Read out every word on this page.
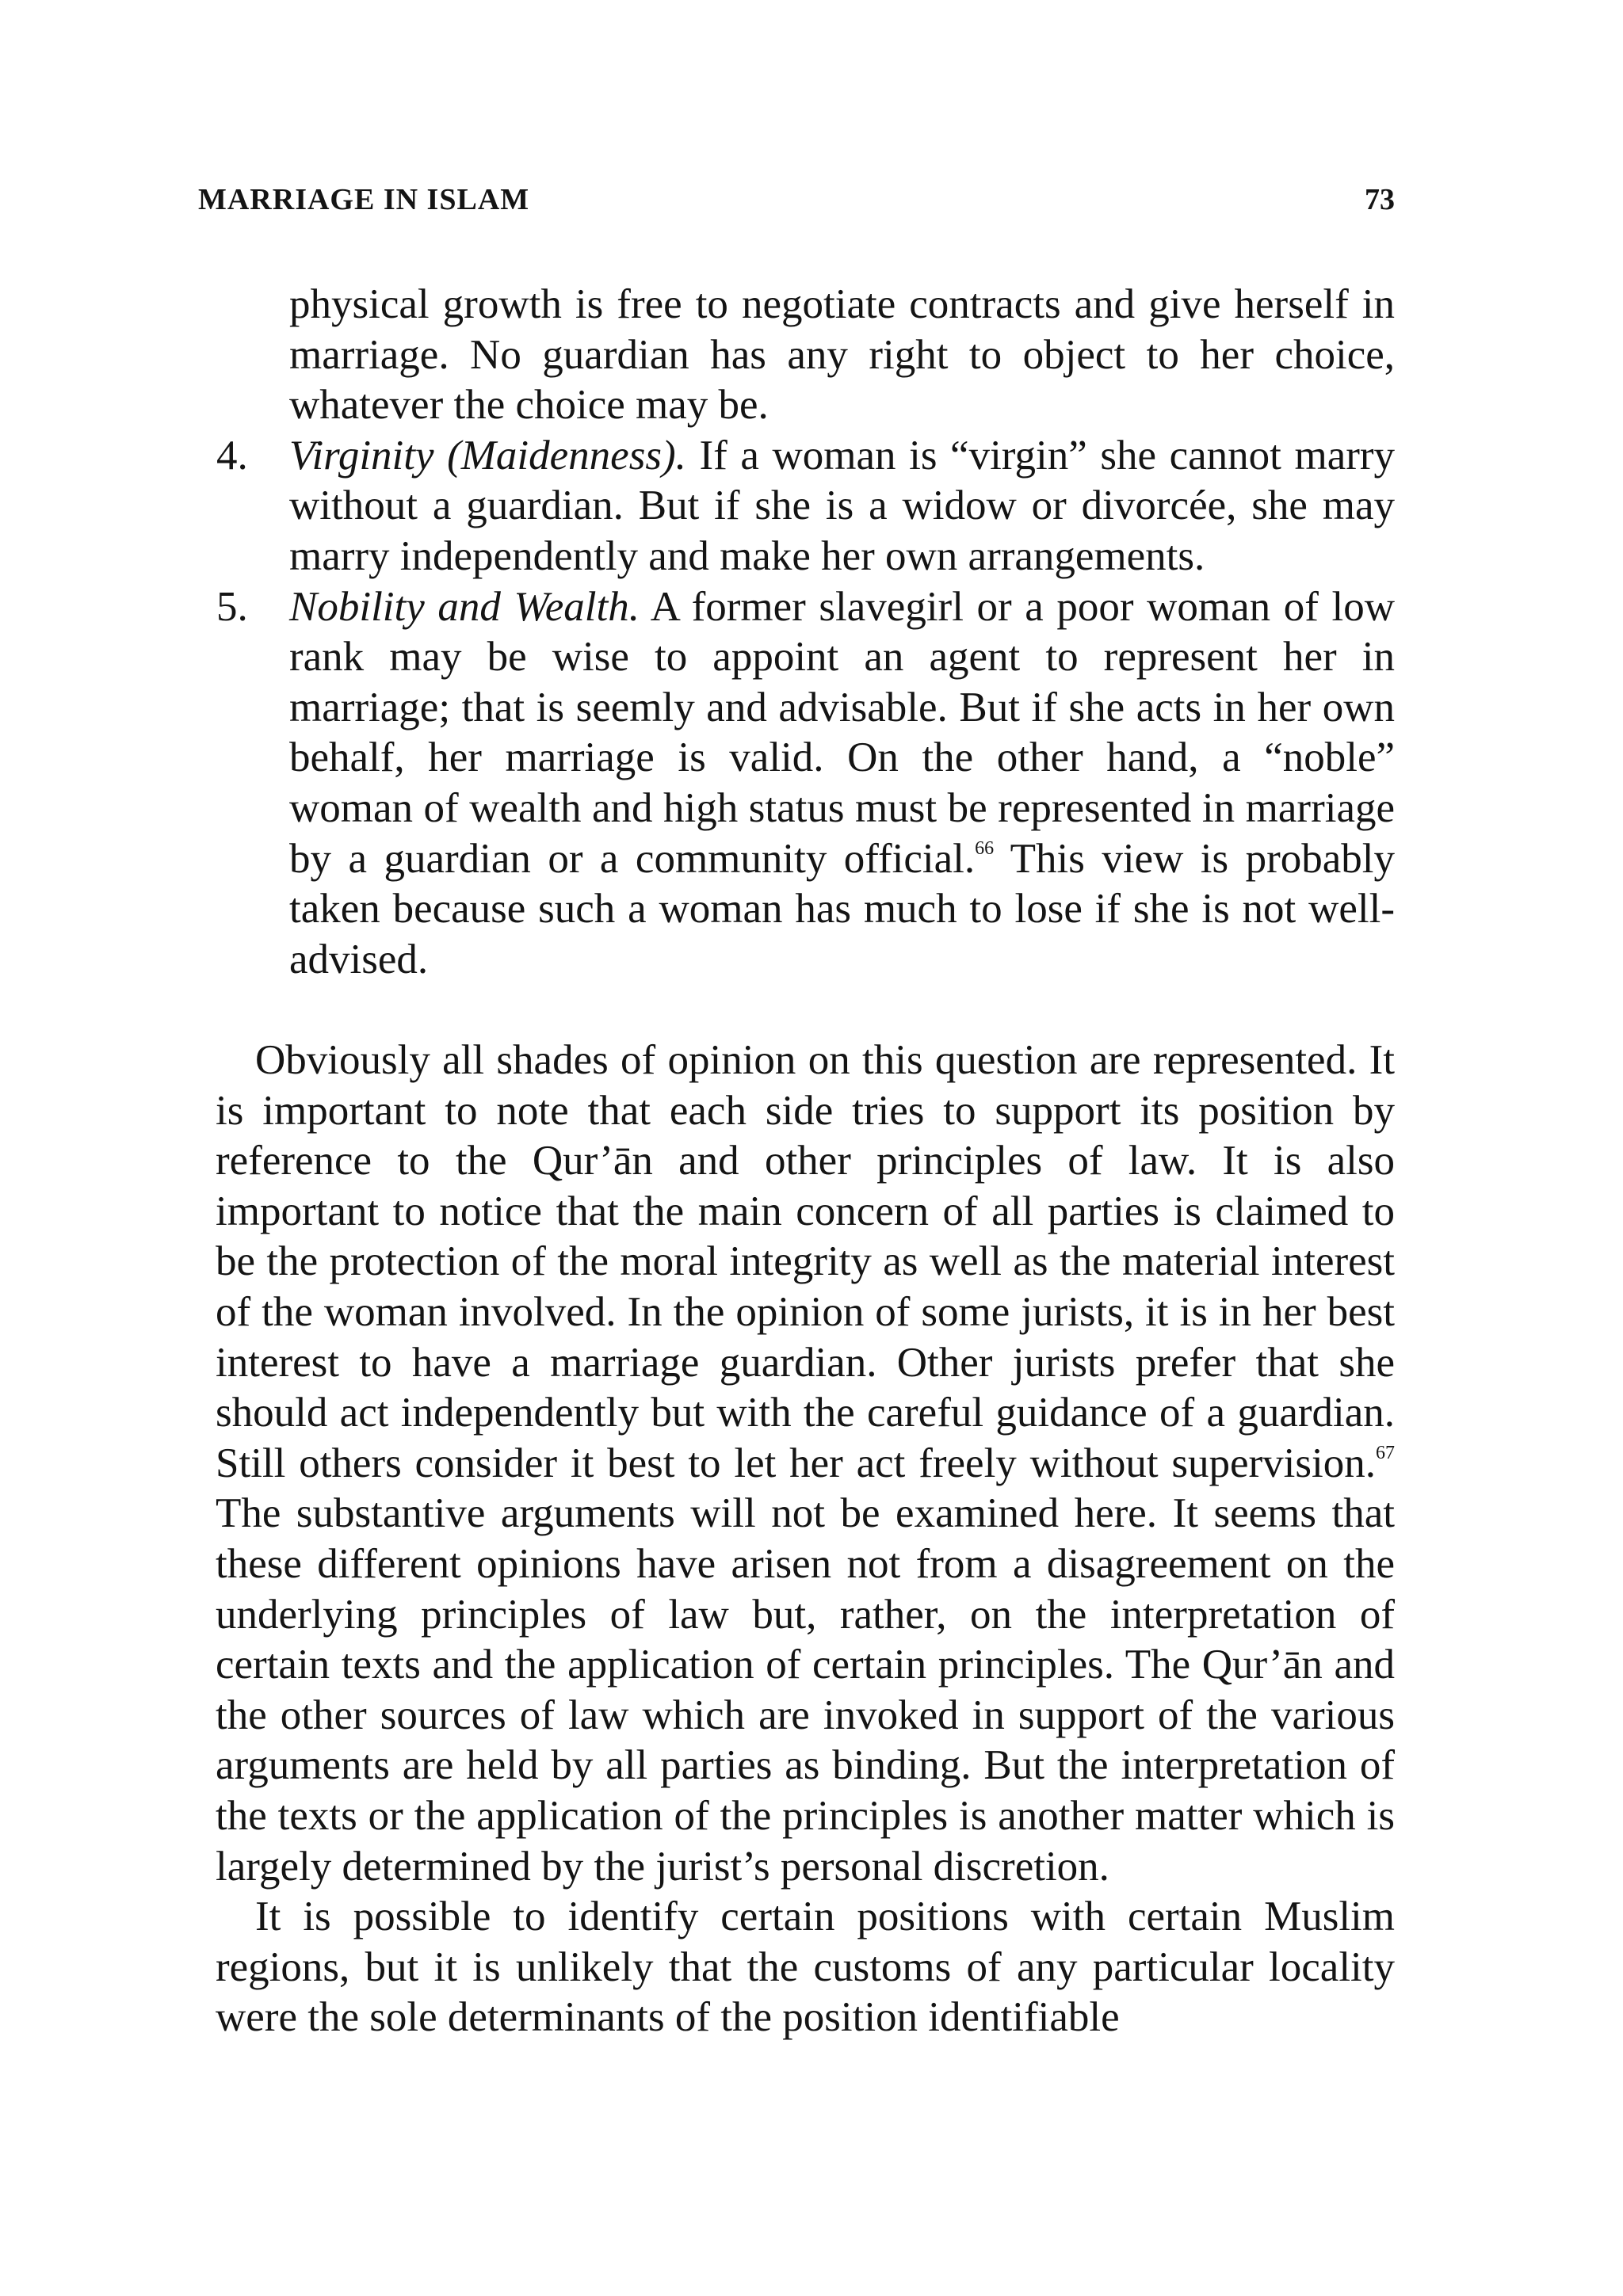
MARRIAGE IN ISLAM	73
physical growth is free to negotiate contracts and give herself in marriage. No guardian has any right to object to her choice, whatever the choice may be.
4. Virginity (Maidenness). If a woman is “virgin” she cannot marry without a guardian. But if she is a widow or divorcée, she may marry independently and make her own arrangements.
5. Nobility and Wealth. A former slavegirl or a poor woman of low rank may be wise to appoint an agent to represent her in marriage; that is seemly and advisable. But if she acts in her own behalf, her marriage is valid. On the other hand, a “noble” woman of wealth and high status must be represented in marriage by a guardian or a community official.$^{66}$ This view is probably taken because such a woman has much to lose if she is not well-advised.

Obviously all shades of opinion on this question are represented. It is important to note that each side tries to support its position by reference to the Qur’ān and other principles of law. It is also important to notice that the main concern of all parties is claimed to be the protection of the moral integrity as well as the material interest of the woman involved. In the opinion of some jurists, it is in her best interest to have a marriage guardian. Other jurists prefer that she should act independently but with the careful guidance of a guardian. Still others consider it best to let her act freely without supervision.$^{67}$ The substantive arguments will not be examined here. It seems that these different opinions have arisen not from a disagreement on the underlying principles of law but, rather, on the interpretation of certain texts and the application of certain principles. The Qur’ān and the other sources of law which are invoked in support of the various arguments are held by all parties as binding. But the interpretation of the texts or the application of the principles is another matter which is largely determined by the jurist’s personal discretion.

It is possible to identify certain positions with certain Muslim regions, but it is unlikely that the customs of any particular locality were the sole determinants of the position identifiable
